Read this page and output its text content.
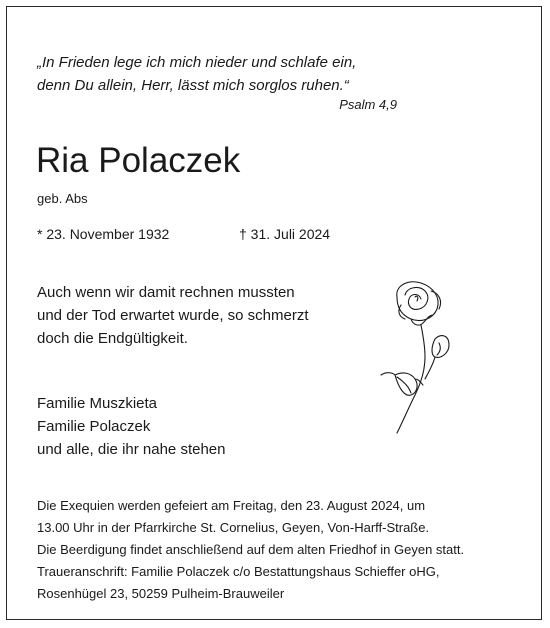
„In Frieden lege ich mich nieder und schlafe ein,
denn Du allein, Herr, lässt mich sorglos ruhen.“
Psalm 4,9
Ria Polaczek
geb. Abs
* 23. November 1932	† 31. Juli 2024
Auch wenn wir damit rechnen mussten
und der Tod erwartet wurde, so schmerzt
doch die Endgültigkeit.
Familie Muszkieta
Familie Polaczek
und alle, die ihr nahe stehen
Die Exequien werden gefeiert am Freitag, den 23. August 2024, um
13.00 Uhr in der Pfarrkirche St. Cornelius, Geyen, Von-Harff-Straße.
Die Beerdigung findet anschließend auf dem alten Friedhof in Geyen statt.
Traueranschrift: Familie Polaczek c/o Bestattungshaus Schieffer oHG,
Rosenhügel 23, 50259 Pulheim-Brauweiler
